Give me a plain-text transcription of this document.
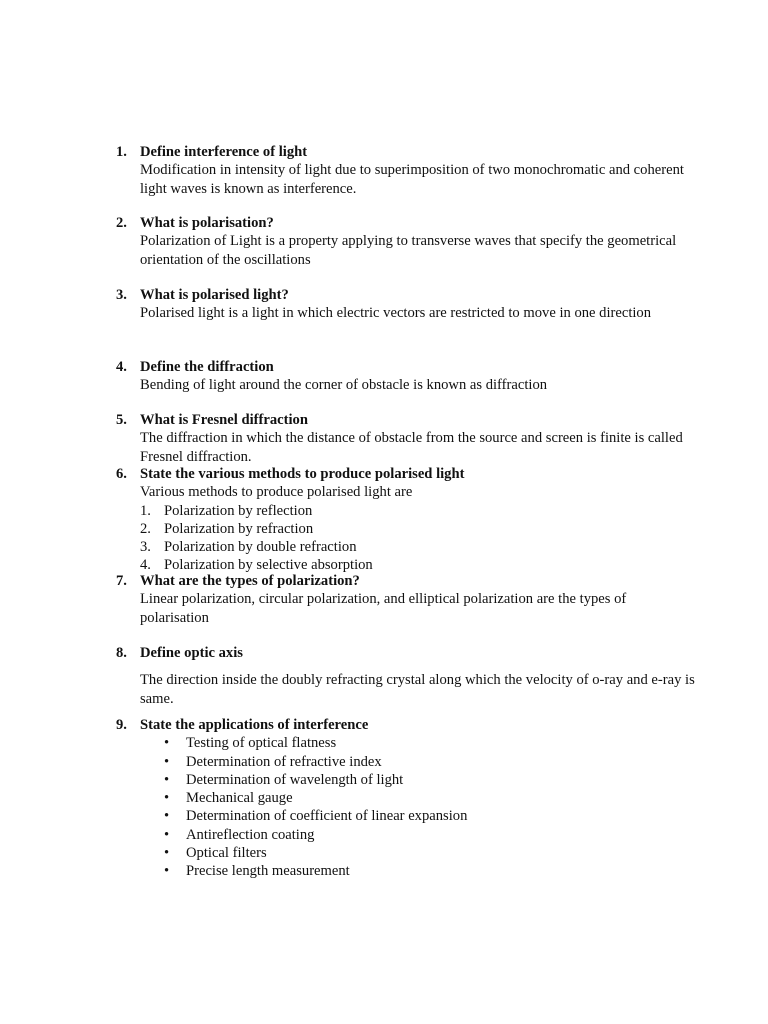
1. Define interference of light
Modification in intensity of light due to superimposition of two monochromatic and coherent light waves is known as interference.
2. What is polarisation?
Polarization of Light is a property applying to transverse waves that specify the geometrical orientation of the oscillations
3. What is polarised light?
Polarised light is a light in which electric vectors are restricted to move in one direction
4. Define the diffraction
Bending of light around the corner of obstacle is known as diffraction
5. What is Fresnel diffraction
The diffraction in which the distance of obstacle from the source and screen is finite is called Fresnel diffraction.
6. State the various methods to produce polarised light
Various methods to produce polarised light are
1. Polarization by reflection
2. Polarization by refraction
3. Polarization by double refraction
4. Polarization by selective absorption
7. What are the types of polarization?
Linear polarization, circular polarization, and elliptical polarization are the types of polarisation
8. Define optic axis
The direction inside the doubly refracting crystal along which the velocity of o-ray and e-ray is same.
9. State the applications of interference
• Testing of optical flatness
• Determination of refractive index
• Determination of wavelength of light
• Mechanical gauge
• Determination of coefficient of linear expansion
• Antireflection coating
• Optical filters
• Precise length measurement
